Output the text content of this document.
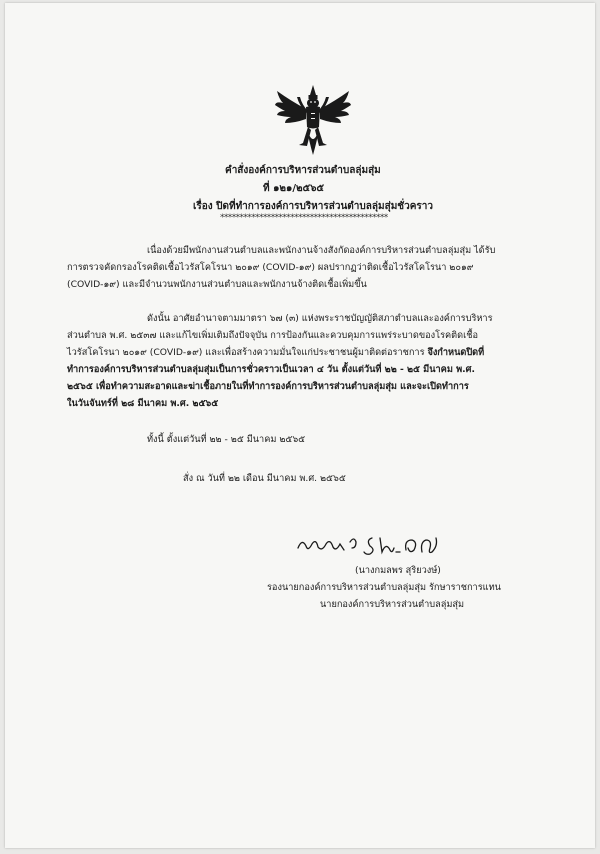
คำสั่งองค์การบริหารส่วนตำบลลุ่มสุ่ม
ที่ ๑๒๑/๒๕๖๕
เรื่อง ปิดที่ทำการองค์การบริหารส่วนตำบลลุ่มสุ่มชั่วคราว
*******************************************
เนื่องด้วยมีพนักงานส่วนตำบลและพนักงานจ้างสังกัดองค์การบริหารส่วนตำบลลุ่มสุ่ม ได้รับ
การตรวจคัดกรองโรคติดเชื้อไวรัสโคโรนา ๒๐๑๙ (COVID-๑๙) ผลปรากฏว่าติดเชื้อไวรัสโคโรนา ๒๐๑๙
(COVID-๑๙) และมีจำนวนพนักงานส่วนตำบลและพนักงานจ้างติดเชื้อเพิ่มขึ้น
ดังนั้น อาศัยอำนาจตามมาตรา ๖๗ (๓) แห่งพระราชบัญญัติสภาตำบลและองค์การบริหาร
ส่วนตำบล พ.ศ. ๒๕๓๗ และแก้ไขเพิ่มเติมถึงปัจจุบัน การป้องกันและควบคุมการแพร่ระบาดของโรคติดเชื้อ
ไวรัสโคโรนา ๒๐๑๙ (COVID-๑๙) และเพื่อสร้างความมั่นใจแก่ประชาชนผู้มาติดต่อราชการ จึงกำหนดปิดที่
ทำการองค์การบริหารส่วนตำบลลุ่มสุ่มเป็นการชั่วคราวเป็นเวลา ๔ วัน ตั้งแต่วันที่ ๒๒ - ๒๕ มีนาคม พ.ศ.
๒๕๖๕ เพื่อทำความสะอาดและฆ่าเชื้อภายในที่ทำการองค์การบริหารส่วนตำบลลุ่มสุ่ม และจะเปิดทำการ
ในวันจันทร์ที่ ๒๘ มีนาคม พ.ศ. ๒๕๖๕
ทั้งนี้ ตั้งแต่วันที่ ๒๒ - ๒๕ มีนาคม ๒๕๖๕
สั่ง ณ วันที่ ๒๒ เดือน มีนาคม พ.ศ. ๒๕๖๕
(นางกมลพร สุริยวงษ์)
รองนายกองค์การบริหารส่วนตำบลลุ่มสุ่ม รักษาราชการแทน
นายกองค์การบริหารส่วนตำบลลุ่มสุ่ม
